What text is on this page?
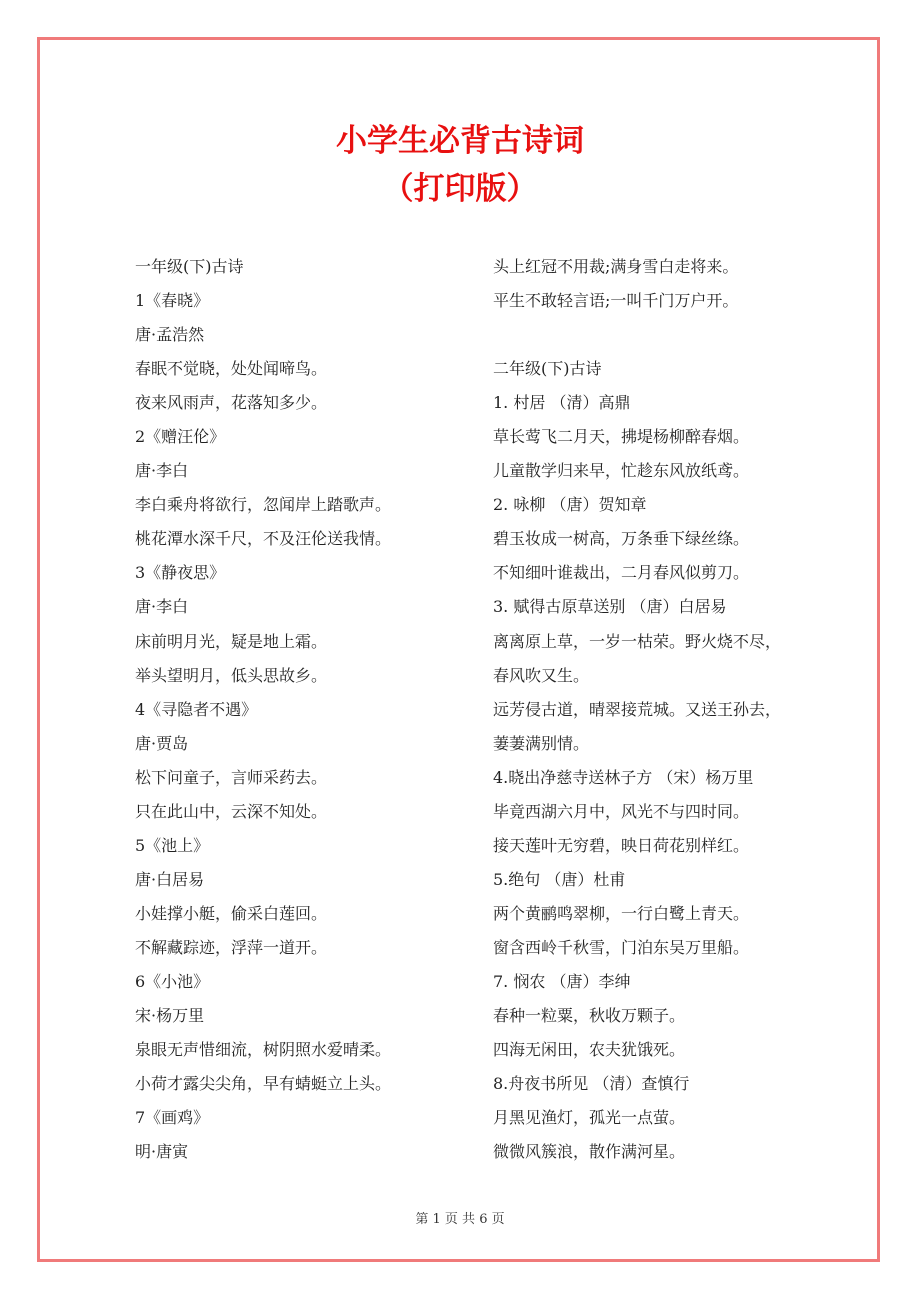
小学生必背古诗词
（打印版）
一年级(下)古诗
1《春晓》
唐·孟浩然
春眠不觉晓，处处闻啼鸟。
夜来风雨声，花落知多少。
2《赠汪伦》
唐·李白
李白乘舟将欲行，忽闻岸上踏歌声。
桃花潭水深千尺，不及汪伦送我情。
3《静夜思》
唐·李白
床前明月光，疑是地上霜。
举头望明月，低头思故乡。
4《寻隐者不遇》
唐·贾岛
松下问童子，言师采药去。
只在此山中，云深不知处。
5《池上》
唐·白居易
小娃撑小艇，偷采白莲回。
不解藏踪迹，浮萍一道开。
6《小池》
宋·杨万里
泉眼无声惜细流，树阴照水爱晴柔。
小荷才露尖尖角，早有蜻蜓立上头。
7《画鸡》
明·唐寅
头上红冠不用裁;满身雪白走将来。
平生不敢轻言语;一叫千门万户开。
二年级(下)古诗
1. 村居 （清）高鼎
草长莺飞二月天，拂堤杨柳醉春烟。
儿童散学归来早，忙趁东风放纸鸢。
2. 咏柳 （唐）贺知章
碧玉妆成一树高，万条垂下绿丝绦。
不知细叶谁裁出，二月春风似剪刀。
3. 赋得古原草送别 （唐）白居易
离离原上草，一岁一枯荣。野火烧不尽，
春风吹又生。
远芳侵古道，晴翠接荒城。又送王孙去，
萋萋满别情。
4.晓出净慈寺送林子方 （宋）杨万里
毕竟西湖六月中，风光不与四时同。
接天莲叶无穷碧，映日荷花别样红。
5.绝句 （唐）杜甫
两个黄鹂鸣翠柳，一行白鹭上青天。
窗含西岭千秋雪，门泊东吴万里船。
7. 悯农 （唐）李绅
春种一粒粟，秋收万颗子。
四海无闲田，农夫犹饿死。
8.舟夜书所见 （清）查慎行
月黑见渔灯，孤光一点萤。
微微风簇浪，散作满河星。
第 1 页 共 6 页
